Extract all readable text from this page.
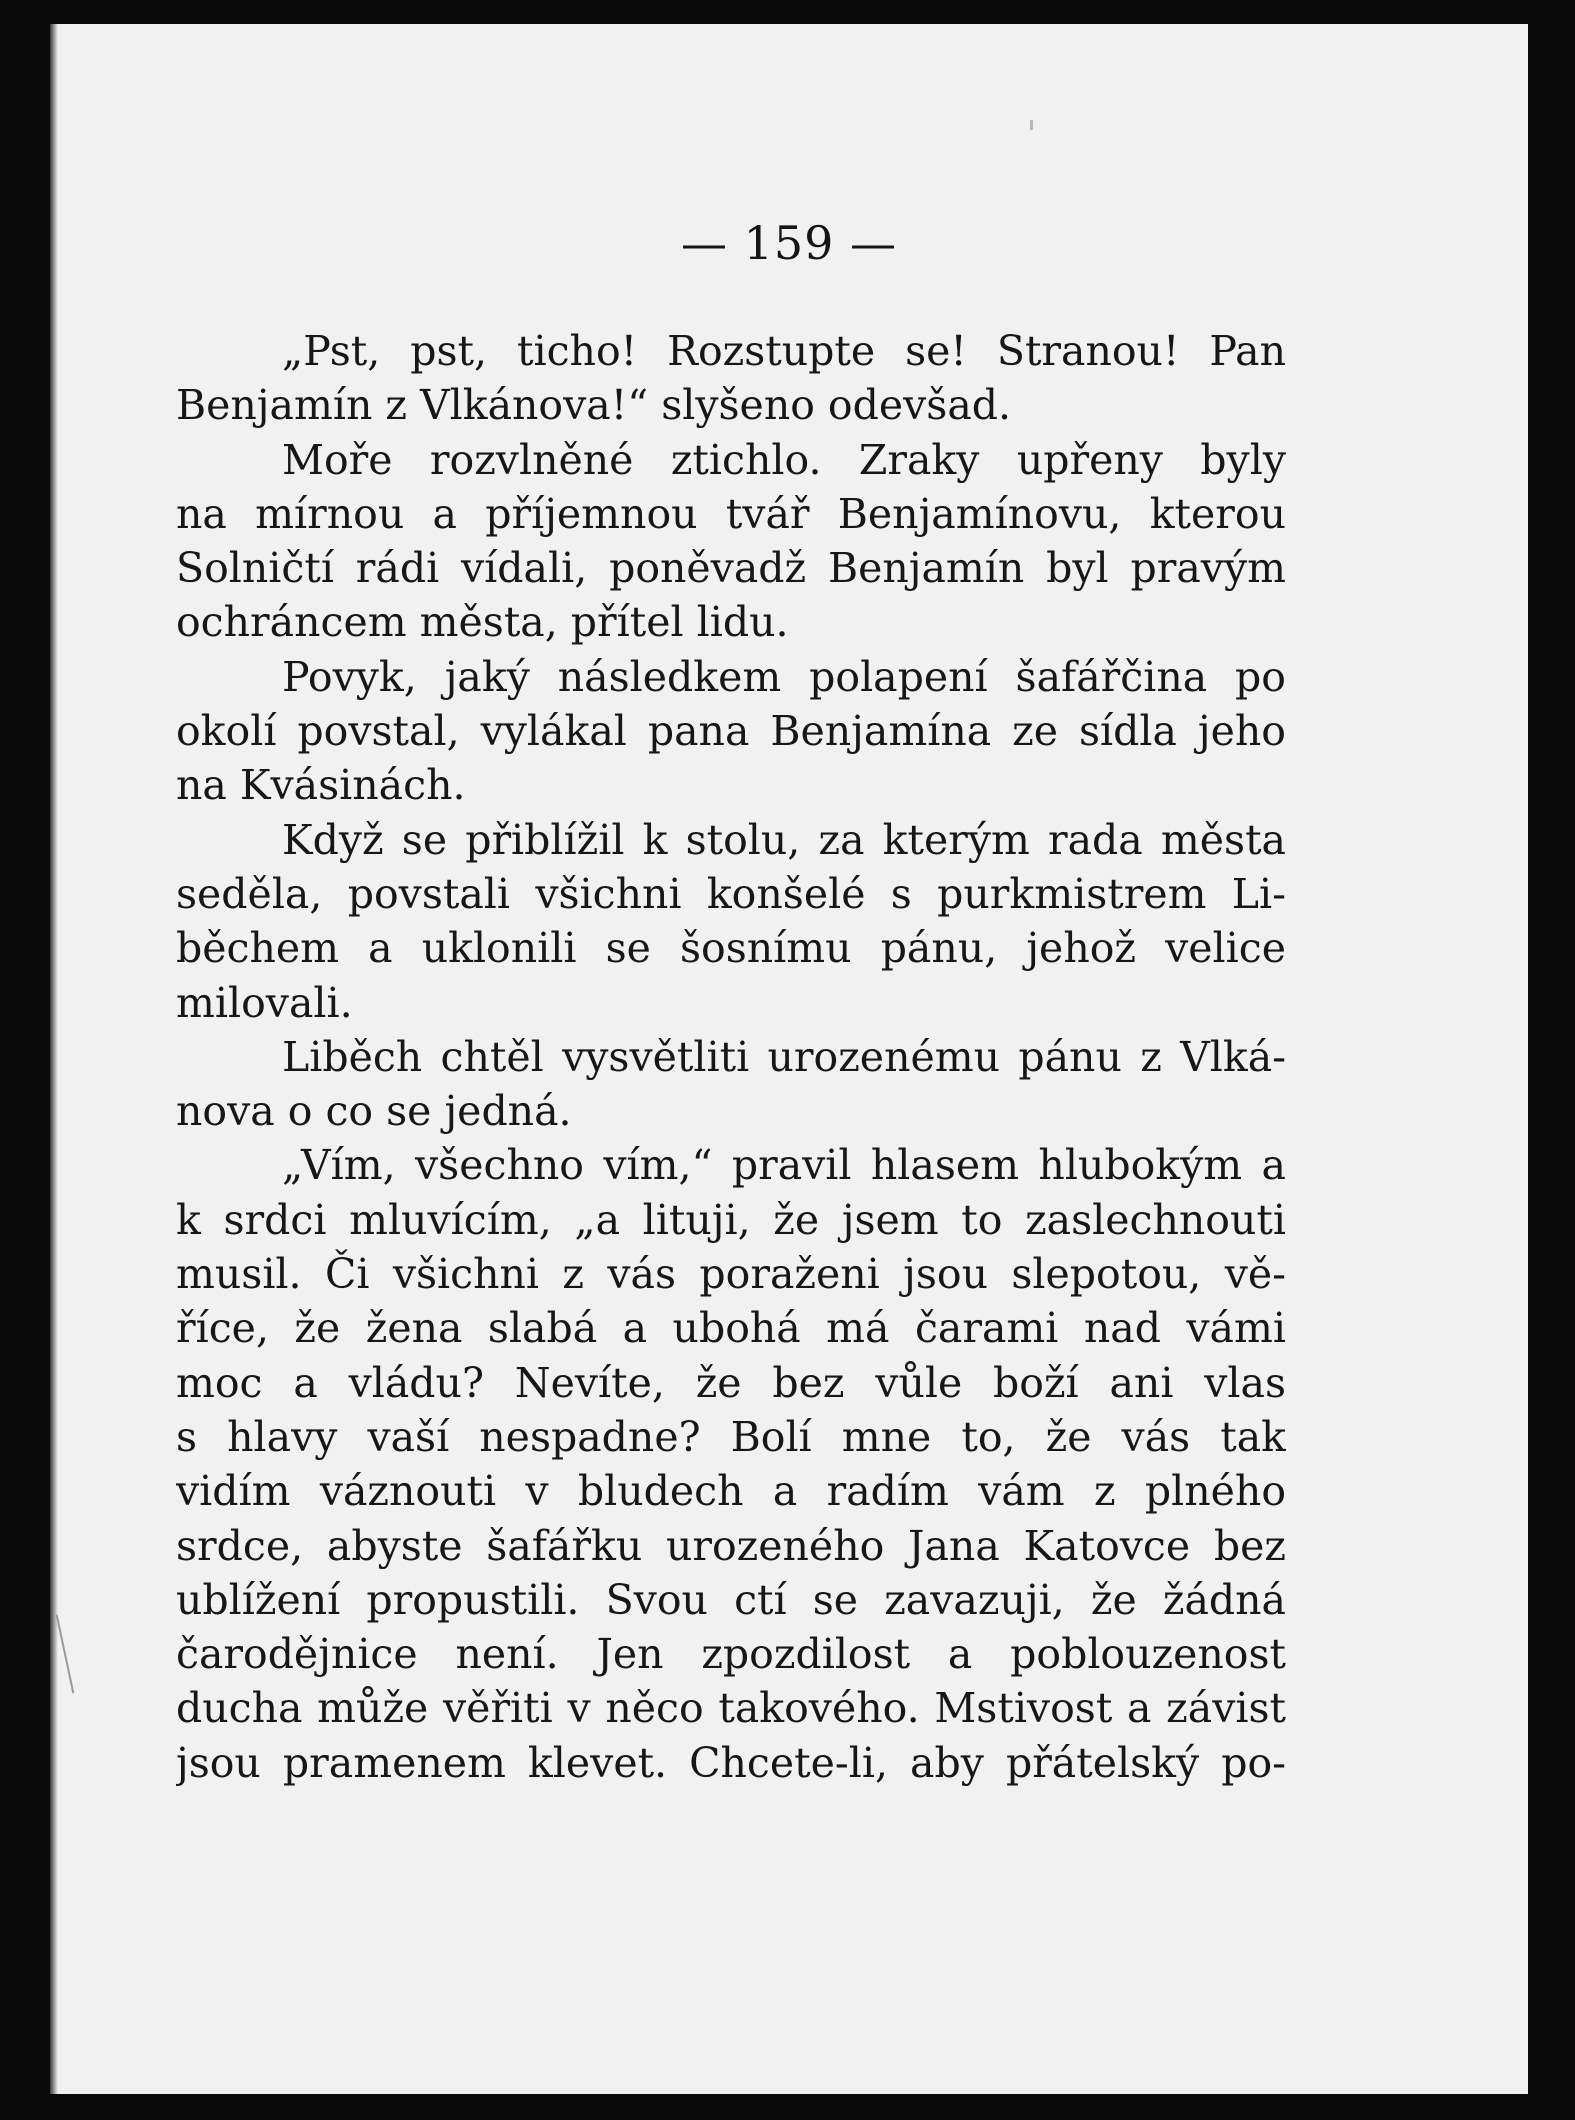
— 159 —
„Pst, pst, ticho! Rozstupte se! Stranou! Pan
Benjamín z Vlkánova!“ slyšeno odevšad.
Moře rozvlněné ztichlo. Zraky upřeny byly
na mírnou a příjemnou tvář Benjamínovu, kterou
Solničtí rádi vídali, poněvadž Benjamín byl pravým
ochráncem města, přítel lidu.
Povyk, jaký následkem polapení šafářčina po
okolí povstal, vylákal pana Benjamína ze sídla jeho
na Kvásinách.
Když se přiblížil k stolu, za kterým rada města
seděla, povstali všichni konšelé s purkmistrem Li-
běchem a uklonili se šosnímu pánu, jehož velice
milovali.
Liběch chtěl vysvětliti urozenému pánu z Vlká-
nova o co se jedná.
„Vím, všechno vím,“ pravil hlasem hlubokým a
k srdci mluvícím, „a lituji, že jsem to zaslechnouti
musil. Či všichni z vás poraženi jsou slepotou, vě-
říce, že žena slabá a ubohá má čarami nad vámi
moc a vládu? Nevíte, že bez vůle boží ani vlas
s hlavy vaší nespadne? Bolí mne to, že vás tak
vidím váznouti v bludech a radím vám z plného
srdce, abyste šafářku urozeného Jana Katovce bez
ublížení propustili. Svou ctí se zavazuji, že žádná
čarodějnice není. Jen zpozdilost a poblouzenost
ducha může věřiti v něco takového. Mstivost a závist
jsou pramenem klevet. Chcete-li, aby přátelský po-
